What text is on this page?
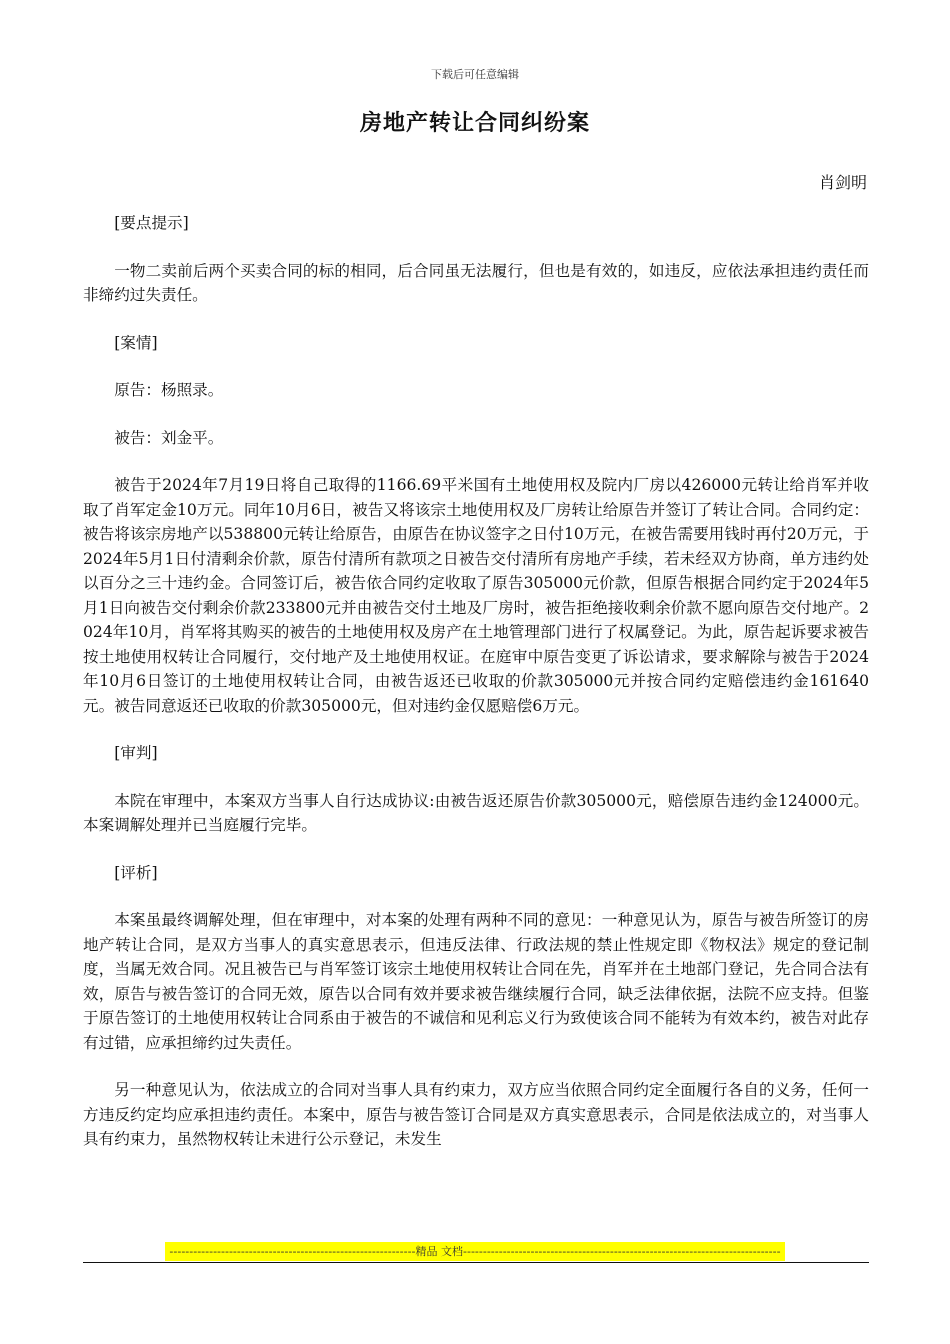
下载后可任意编辑
房地产转让合同纠纷案
肖剑明

[要点提示]

一物二卖前后两个买卖合同的标的相同，后合同虽无法履行，但也是有效的，如违反，应依法承担违约责任而非缔约过失责任。

[案情]

原告：杨照录。

被告：刘金平。

被告于2024年7月19日将自己取得的1166.69平米国有土地使用权及院内厂房以426000元转让给肖军并收取了肖军定金10万元。同年10月6日，被告又将该宗土地使用权及厂房转让给原告并签订了转让合同。合同约定：被告将该宗房地产以538800元转让给原告，由原告在协议签字之日付10万元，在被告需要用钱时再付20万元，于2024年5月1日付清剩余价款，原告付清所有款项之日被告交付清所有房地产手续，若未经双方协商，单方违约处以百分之三十违约金。合同签订后，被告依合同约定收取了原告305000元价款，但原告根据合同约定于2024年5月1日向被告交付剩余价款233800元并由被告交付土地及厂房时，被告拒绝接收剩余价款不愿向原告交付地产。2024年10月，肖军将其购买的被告的土地使用权及房产在土地管理部门进行了权属登记。为此，原告起诉要求被告按土地使用权转让合同履行，交付地产及土地使用权证。在庭审中原告变更了诉讼请求，要求解除与被告于2024年10月6日签订的土地使用权转让合同，由被告返还已收取的价款305000元并按合同约定赔偿违约金161640元。被告同意返还已收取的价款305000元，但对违约金仅愿赔偿6万元。

[审判]

本院在审理中，本案双方当事人自行达成协议:由被告返还原告价款305000元，赔偿原告违约金124000元。本案调解处理并已当庭履行完毕。

[评析]

本案虽最终调解处理，但在审理中，对本案的处理有两种不同的意见：一种意见认为，原告与被告所签订的房地产转让合同，是双方当事人的真实意思表示，但违反法律、行政法规的禁止性规定即《物权法》规定的登记制度，当属无效合同。况且被告已与肖军签订该宗土地使用权转让合同在先，肖军并在土地部门登记，先合同合法有效，原告与被告签订的合同无效，原告以合同有效并要求被告继续履行合同，缺乏法律依据，法院不应支持。但鉴于原告签订的土地使用权转让合同系由于被告的不诚信和见利忘义行为致使该合同不能转为有效本约，被告对此存有过错，应承担缔约过失责任。

另一种意见认为，依法成立的合同对当事人具有约束力，双方应当依照合同约定全面履行各自的义务，任何一方违反约定均应承担违约责任。本案中，原告与被告签订合同是双方真实意思表示，合同是依法成立的，对当事人具有约束力，虽然物权转让未进行公示登记，未发生

--------------------------------------------------------------精品 文档--------------------------------------------------------------------------------
